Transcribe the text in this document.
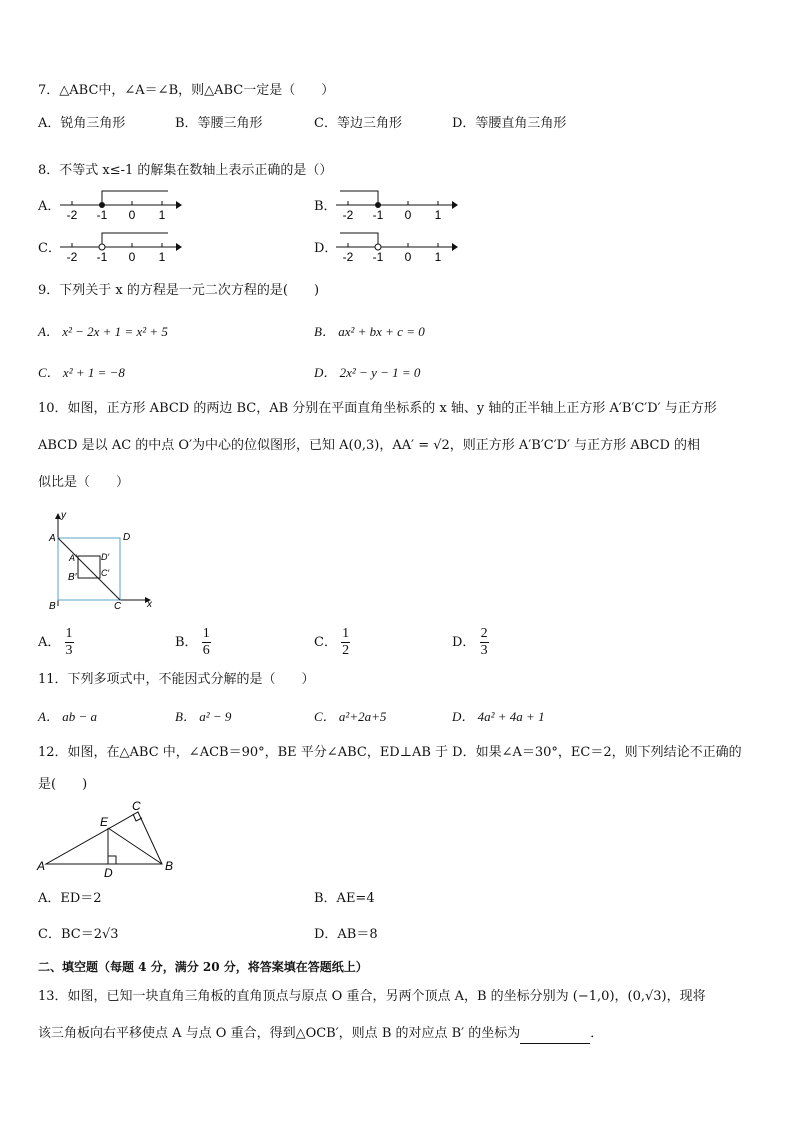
7．△ABC中，∠A＝∠B，则△ABC一定是（　　）
A．锐角三角形	B．等腰三角形	C．等边三角形	D．等腰直角三角形
8．不等式 x≤-1 的解集在数轴上表示正确的是（）
A．
-2 -1 0 1
B．
-2 -1 0 1
C．
-2 -1 0 1
D．
-2 -1 0 1
9．下列关于 x 的方程是一元二次方程的是(　　)
A． x² − 2x + 1 = x² + 5	B． ax² + bx + c = 0
C． x² + 1 = −8	D． 2x² − y − 1 = 0
10．如图，正方形 ABCD 的两边 BC，AB 分别在平面直角坐标系的 x 轴、y 轴的正半轴上正方形 A′B′C′D′ 与正方形
ABCD 是以 AC 的中点 O′为中心的位似图形，已知 A(0,3)，AA′ = √2，则正方形 A′B′C′D′ 与正方形 ABCD 的相
似比是（　　）
y
x
A
B	C
D
A′
B′	C′
D′
A． $\frac{1}{3}$	B． $\frac{1}{6}$	C． $\frac{1}{2}$	D． $\frac{2}{3}$
11．下列多项式中，不能因式分解的是（　　）
A． ab − a	B． a² − 9	C． a²+2a+5	D． 4a² + 4a + 1
12．如图，在△ABC 中，∠ACB＝90°，BE 平分∠ABC，ED⊥AB 于 D．如果∠A＝30°，EC＝2，则下列结论不正确的
是(　　)
A	B
C
D
E
A．ED＝2	B．AE=4
C．BC＝2√3	D．AB＝8
二、填空题（每题 4 分，满分 20 分，将答案填在答题纸上）
13．如图，已知一块直角三角板的直角顶点与原点 O 重合，另两个顶点 A，B 的坐标分别为 (−1,0)，(0,√3)，现将
该三角板向右平移使点 A 与点 O 重合，得到△OCB′，则点 B 的对应点 B′ 的坐标为	．
